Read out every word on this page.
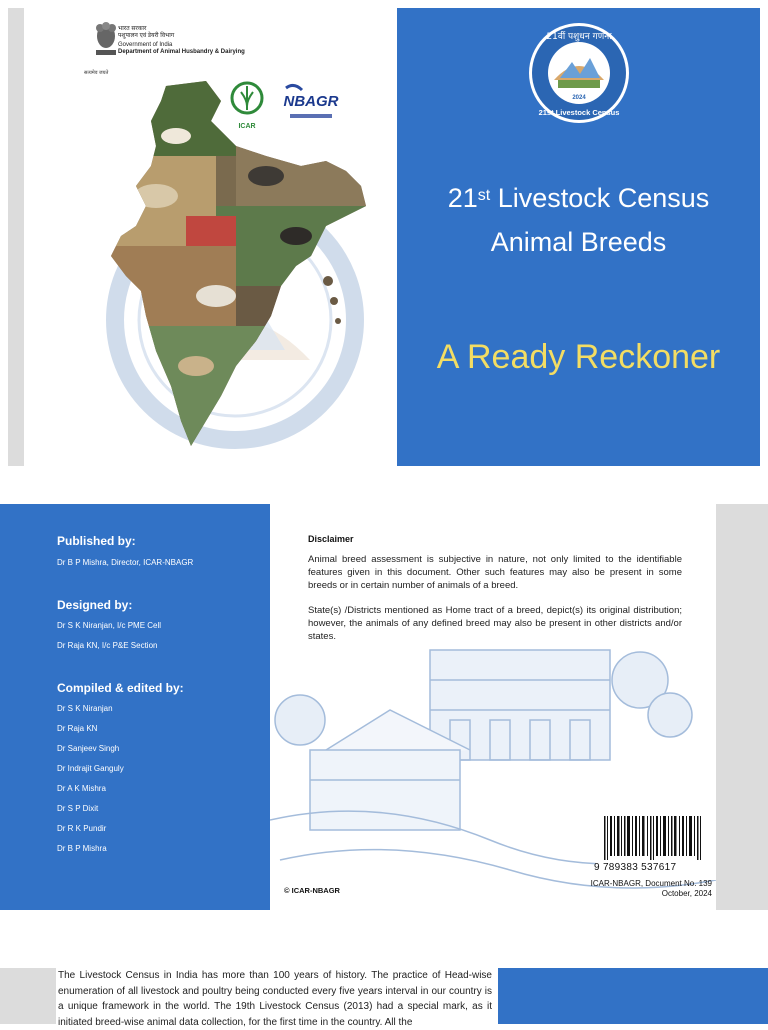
सत्यमेव जयते
भारत सरकार
पशुपालन एवं डेयरी विभाग
Government of India
Department of Animal Husbandry & Dairying
ICAR
NBAGR
21वीं पशुधन गणना
2024
21st Livestock Census
21st Livestock Census
Animal Breeds
A Ready Reckoner
Published by:
Dr B P Mishra, Director, ICAR-NBAGR
Designed by:
Dr S K Niranjan, I/c PME Cell
Dr Raja KN, I/c P&E Section
Compiled & edited by:
Dr S K Niranjan
Dr Raja KN
Dr Sanjeev Singh
Dr Indrajit Ganguly
Dr A K Mishra
Dr S P Dixit
Dr R K Pundir
Dr B P Mishra
Disclaimer
Animal breed assessment is subjective in nature, not only limited to the identifiable features given in this document. Other such features may also be present in some breeds or in certain number of animals of a breed.
State(s) /Districts mentioned as Home tract of a breed, depict(s) its original distribution; however, the animals of any defined breed may also be present in other districts and/or states.
9 789383 537617
ICAR-NBAGR, Document No. 139
October, 2024
© ICAR-NBAGR
The Livestock Census in India has more than 100 years of history. The practice of Head-wise enumeration of all livestock and poultry being conducted every five years interval in our country is a unique framework in the world. The 19th Livestock Census (2013) had a special mark, as it initiated breed-wise animal data collection, for the first time in the country. All the
